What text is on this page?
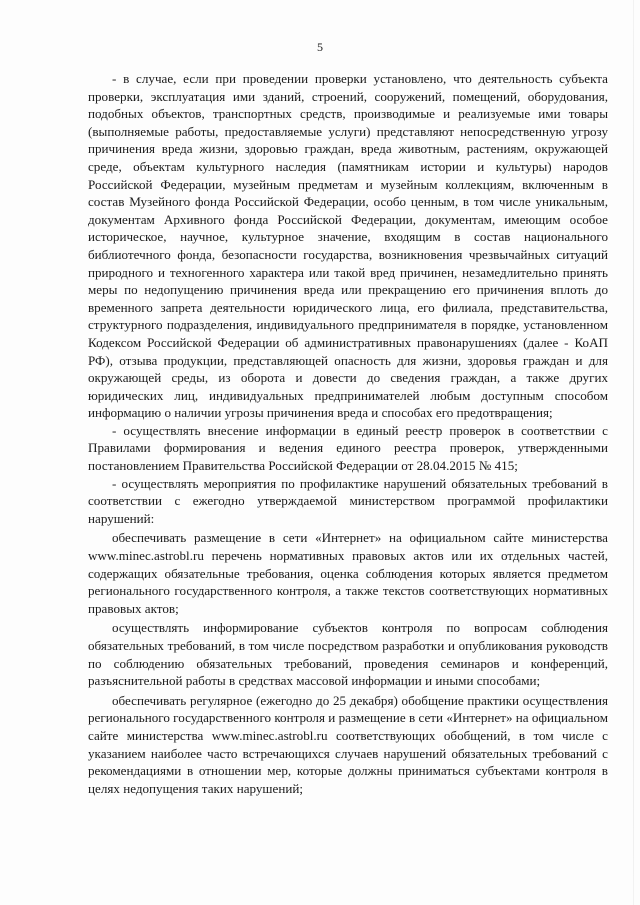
5

- в случае, если при проведении проверки установлено, что деятельность субъекта проверки, эксплуатация ими зданий, строений, сооружений, помещений, оборудования, подобных объектов, транспортных средств, производимые и реализуемые ими товары (выполняемые работы, предоставляемые услуги) представляют непосредственную угрозу причинения вреда жизни, здоровью граждан, вреда животным, растениям, окружающей среде, объектам культурного наследия (памятникам истории и культуры) народов Российской Федерации, музейным предметам и музейным коллекциям, включенным в состав Музейного фонда Российской Федерации, особо ценным, в том числе уникальным, документам Архивного фонда Российской Федерации, документам, имеющим особое историческое, научное, культурное значение, входящим в состав национального библиотечного фонда, безопасности государства, возникновения чрезвычайных ситуаций природного и техногенного характера или такой вред причинен, незамедлительно принять меры по недопущению причинения вреда или прекращению его причинения вплоть до временного запрета деятельности юридического лица, его филиала, представительства, структурного подразделения, индивидуального предпринимателя в порядке, установленном Кодексом Российской Федерации об административных правонарушениях (далее - КоАП РФ), отзыва продукции, представляющей опасность для жизни, здоровья граждан и для окружающей среды, из оборота и довести до сведения граждан, а также других юридических лиц, индивидуальных предпринимателей любым доступным способом информацию о наличии угрозы причинения вреда и способах его предотвращения;

- осуществлять внесение информации в единый реестр проверок в соответствии с Правилами формирования и ведения единого реестра проверок, утвержденными постановлением Правительства Российской Федерации от 28.04.2015 № 415;

- осуществлять мероприятия по профилактике нарушений обязательных требований в соответствии с ежегодно утверждаемой министерством программой профилактики нарушений:

обеспечивать размещение в сети «Интернет» на официальном сайте министерства www.minec.astrobl.ru перечень нормативных правовых актов или их отдельных частей, содержащих обязательные требования, оценка соблюдения которых является предметом регионального государственного контроля, а также текстов соответствующих нормативных правовых актов;

осуществлять информирование субъектов контроля по вопросам соблюдения обязательных требований, в том числе посредством разработки и опубликования руководств по соблюдению обязательных требований, проведения семинаров и конференций, разъяснительной работы в средствах массовой информации и иными способами;

обеспечивать регулярное (ежегодно до 25 декабря) обобщение практики осуществления регионального государственного контроля и размещение в сети «Интернет» на официальном сайте министерства www.minec.astrobl.ru соответствующих обобщений, в том числе с указанием наиболее часто встречающихся случаев нарушений обязательных требований с рекомендациями в отношении мер, которые должны приниматься субъектами контроля в целях недопущения таких нарушений;
